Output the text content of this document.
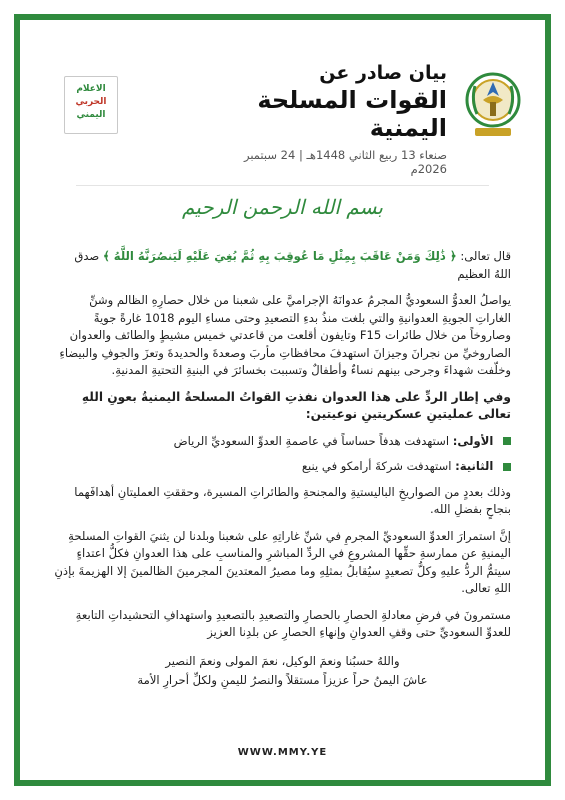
بيان صادر عن
القوات المسلحة اليمنية
صنعاء 13 ربيع الثاني 1448هـ | 24 سبتمبر 2026م
الاعلام
الحربي
اليمني
بسم الله الرحمن الرحيم

قال تعالى: ﴿ ذَٰلِكَ وَمَنْ عَاقَبَ بِمِثْلِ مَا عُوقِبَ بِهِ ثُمَّ بُغِيَ عَلَيْهِ لَيَنصُرَنَّهُ اللَّهُ ﴾ صدق اللهُ العظيم

يواصلُ العدوُّ السعوديُّ المجرمُ عدوانَهُ الإجراميَّ على شعبنا من خلال حصارِهِ الظالم وشنِّ الغاراتِ الجويةِ العدوانيةِ والتي بلغت منذُ بدءِ التصعيدِ وحتى مساءِ اليوم 1018 غارةً جويةً وصاروخاً من خلال طائرات F15 وتايفون أقلعت من قاعدتي خميس مشيطٍ والطائف والعدوان الصاروخيِّ من نجرانَ وجيزانَ استهدفَ محافظاتِ مأربَ وصعدةَ والحديدةَ وتعزَ والجوفِ والبيضاءِ وخلّفت شهداءَ وجرحى بينهم نساءٌ وأطفالٌ وتسببت بخسائرَ في البنيةِ التحتيةِ المدنيةِ.

وفي إطار الردِّ على هذا العدوان نفذتِ القواتُ المسلحةُ اليمنيةُ بعونِ اللهِ تعالى عمليتينِ عسكريتينِ نوعيتين:

الأولى: استهدفت هدفاً حساساً في عاصمةِ العدوِّ السعوديِّ الرياض
الثانية: استهدفت شركةَ أرامكو في ينبع

وذلك بعددٍ من الصواريخِ الباليستيةِ والمجنحةِ والطائراتِ المسيرة، وحققتِ العمليتانِ أهدافَهما بنجاحٍ بفضلِ الله.

إنَّ استمرارَ العدوِّ السعوديِّ المجرمِ في شنِّ غاراتِهِ على شعبنا وبلدنا لن يثنيَ القواتِ المسلحةِ اليمنيةِ عن ممارسةِ حقِّها المشروعِ في الردِّ المباشرِ والمناسبِ على هذا العدوانِ فكلُّ اعتداءٍ سيتمُّ الردُّ عليهِ وكلُّ تصعيدٍ سيُقابلُ بمثلِهِ وما مصيرُ المعتدينَ المجرمينَ الظالمينَ إلا الهزيمةَ بإذنِ اللهِ تعالى.

مستمرونَ في فرضِ معادلةِ الحصارِ بالحصارِ والتصعيدِ بالتصعيدِ واستهدافِ التحشيداتِ التابعةِ للعدوِّ السعوديِّ حتى وقفِ العدوانِ وإنهاءِ الحصارِ عن بلدِنا العزيز

واللهُ حسبُنا ونعمَ الوكيل، نعمَ المولى ونعمَ النصير
عاشَ اليمنُ حراً عزيزاً مستقلاً والنصرُ لليمنِ ولكلِّ أحرارِ الأمة
WWW.MMY.YE
